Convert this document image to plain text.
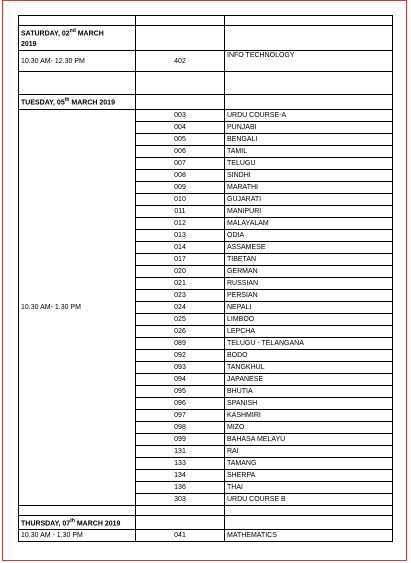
SATURDAY, 02nd MARCH
2019		
10.30 AM- 12.30 PM	402	INFO TECHNOLOGY

TUESDAY, 05th MARCH 2019		
10.30 AM- 1.30 PM	003	URDU COURSE-A
	004	PUNJABI
	005	BENGALI
	006	TAMIL
	007	TELUGU
	008	SINDHI
	009	MARATHI
	010	GUJARATI
	011	MANIPURI
	012	MALAYALAM
	013	ODIA
	014	ASSAMESE
	017	TIBETAN
	020	GERMAN
	021	RUSSIAN
	023	PERSIAN
	024	NEPALI
	025	LIMBOO
	026	LEPCHA
	089	TELUGU - TELANGANA
	092	BODO
	093	TANGKHUL
	094	JAPANESE
	095	BHUTIA
	096	SPANISH
	097	KASHMIRI
	098	MIZO
	099	BAHASA MELAYU
	131	RAI
	133	TAMANG
	134	SHERPA
	136	THAI
	303	URDU COURSE B

THURSDAY, 07th MARCH 2019		
10.30 AM - 1.30 PM	041	MATHEMATICS
